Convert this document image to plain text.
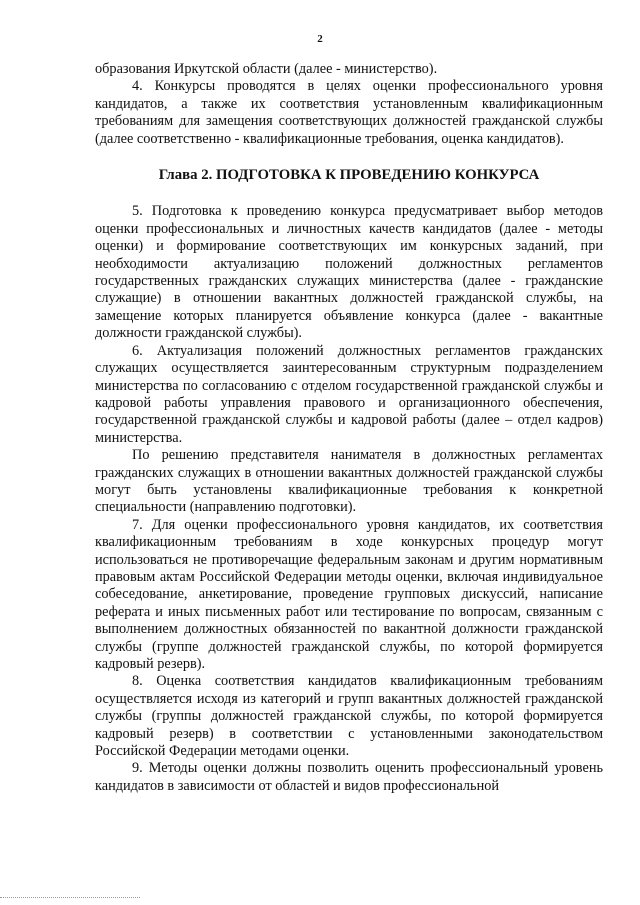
2

образования Иркутской области (далее - министерство).

4. Конкурсы проводятся в целях оценки профессионального уровня кандидатов, а также их соответствия установленным квалификационным требованиям для замещения соответствующих должностей гражданской службы (далее соответственно - квалификационные требования, оценка кандидатов).

Глава 2. ПОДГОТОВКА К ПРОВЕДЕНИЮ КОНКУРСА

5. Подготовка к проведению конкурса предусматривает выбор методов оценки профессиональных и личностных качеств кандидатов (далее - методы оценки) и формирование соответствующих им конкурсных заданий, при необходимости актуализацию положений должностных регламентов государственных гражданских служащих министерства (далее - гражданские служащие) в отношении вакантных должностей гражданской службы, на замещение которых планируется объявление конкурса (далее - вакантные должности гражданской службы).

6. Актуализация положений должностных регламентов гражданских служащих осуществляется заинтересованным структурным подразделением министерства по согласованию с отделом государственной гражданской службы и кадровой работы управления правового и организационного обеспечения, государственной гражданской службы и кадровой работы (далее – отдел кадров) министерства.

По решению представителя нанимателя в должностных регламентах гражданских служащих в отношении вакантных должностей гражданской службы могут быть установлены квалификационные требования к конкретной специальности (направлению подготовки).

7. Для оценки профессионального уровня кандидатов, их соответствия квалификационным требованиям в ходе конкурсных процедур могут использоваться не противоречащие федеральным законам и другим нормативным правовым актам Российской Федерации методы оценки, включая индивидуальное собеседование, анкетирование, проведение групповых дискуссий, написание реферата и иных письменных работ или тестирование по вопросам, связанным с выполнением должностных обязанностей по вакантной должности гражданской службы (группе должностей гражданской службы, по которой формируется кадровый резерв).

8. Оценка соответствия кандидатов квалификационным требованиям осуществляется исходя из категорий и групп вакантных должностей гражданской службы (группы должностей гражданской службы, по которой формируется кадровый резерв) в соответствии с установленными законодательством Российской Федерации методами оценки.

9. Методы оценки должны позволить оценить профессиональный уровень кандидатов в зависимости от областей и видов профессиональной
